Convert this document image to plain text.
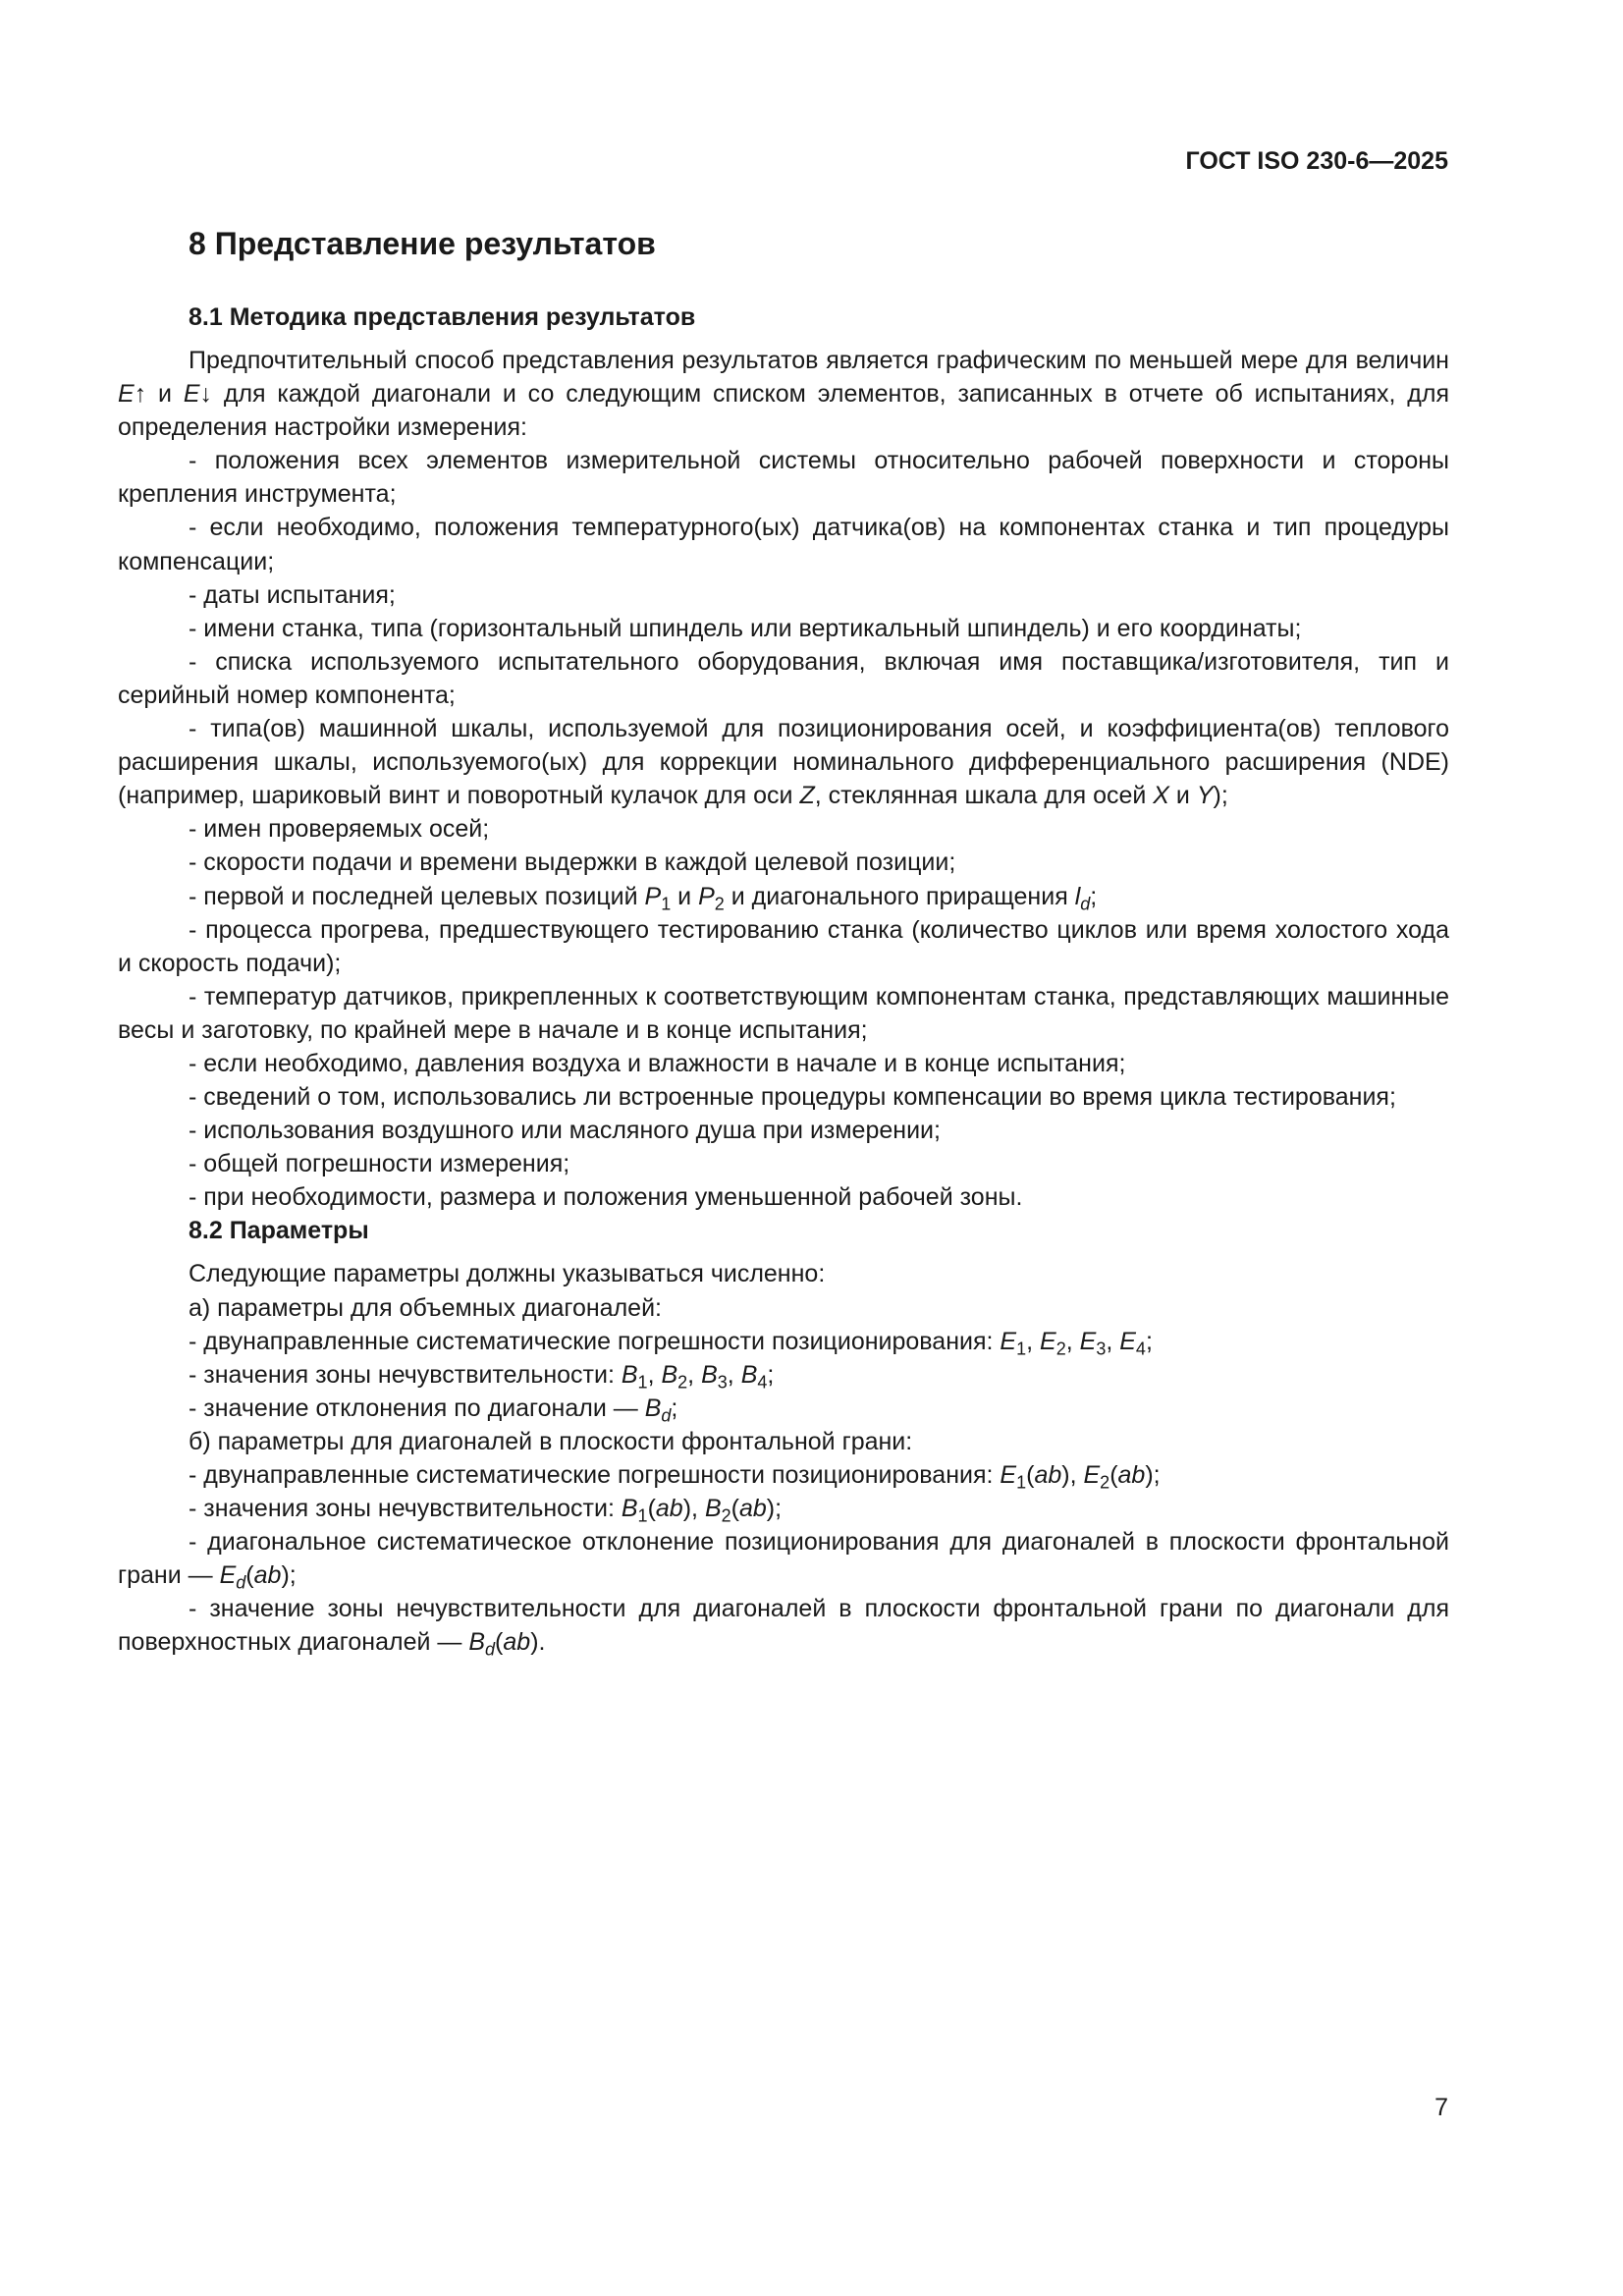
ГОСТ ISO 230-6—2025
8 Представление результатов
8.1 Методика представления результатов

Предпочтительный способ представления результатов является графическим по меньшей мере для величин E↑ и E↓ для каждой диагонали и со следующим списком элементов, записанных в отчете об испытаниях, для определения настройки измерения:

- положения всех элементов измерительной системы относительно рабочей поверхности и стороны крепления инструмента;

- если необходимо, положения температурного(ых) датчика(ов) на компонентах станка и тип процедуры компенсации;

- даты испытания;

- имени станка, типа (горизонтальный шпиндель или вертикальный шпиндель) и его координаты;

- списка используемого испытательного оборудования, включая имя поставщика/изготовителя, тип и серийный номер компонента;

- типа(ов) машинной шкалы, используемой для позиционирования осей, и коэффициента(ов) теплового расширения шкалы, используемого(ых) для коррекции номинального дифференциального расширения (NDE) (например, шариковый винт и поворотный кулачок для оси Z, стеклянная шкала для осей X и Y);

- имен проверяемых осей;

- скорости подачи и времени выдержки в каждой целевой позиции;

- первой и последней целевых позиций $P_1$ и $P_2$ и диагонального приращения $l_d$;

- процесса прогрева, предшествующего тестированию станка (количество циклов или время холостого хода и скорость подачи);

- температур датчиков, прикрепленных к соответствующим компонентам станка, представляющих машинные весы и заготовку, по крайней мере в начале и в конце испытания;

- если необходимо, давления воздуха и влажности в начале и в конце испытания;

- сведений о том, использовались ли встроенные процедуры компенсации во время цикла тестирования;

- использования воздушного или масляного душа при измерении;

- общей погрешности измерения;

- при необходимости, размера и положения уменьшенной рабочей зоны.

8.2 Параметры

Следующие параметры должны указываться численно:

а) параметры для объемных диагоналей:

- двунаправленные систематические погрешности позиционирования: $E_1$, $E_2$, $E_3$, $E_4$;

- значения зоны нечувствительности: $B_1$, $B_2$, $B_3$, $B_4$;

- значение отклонения по диагонали — $B_d$;

б) параметры для диагоналей в плоскости фронтальной грани:

- двунаправленные систематические погрешности позиционирования: $E_1(ab)$, $E_2(ab)$;

- значения зоны нечувствительности: $B_1(ab)$, $B_2(ab)$;

- диагональное систематическое отклонение позиционирования для диагоналей в плоскости фронтальной грани — $E_d(ab)$;

- значение зоны нечувствительности для диагоналей в плоскости фронтальной грани по диагонали для поверхностных диагоналей — $B_d(ab)$.

7
